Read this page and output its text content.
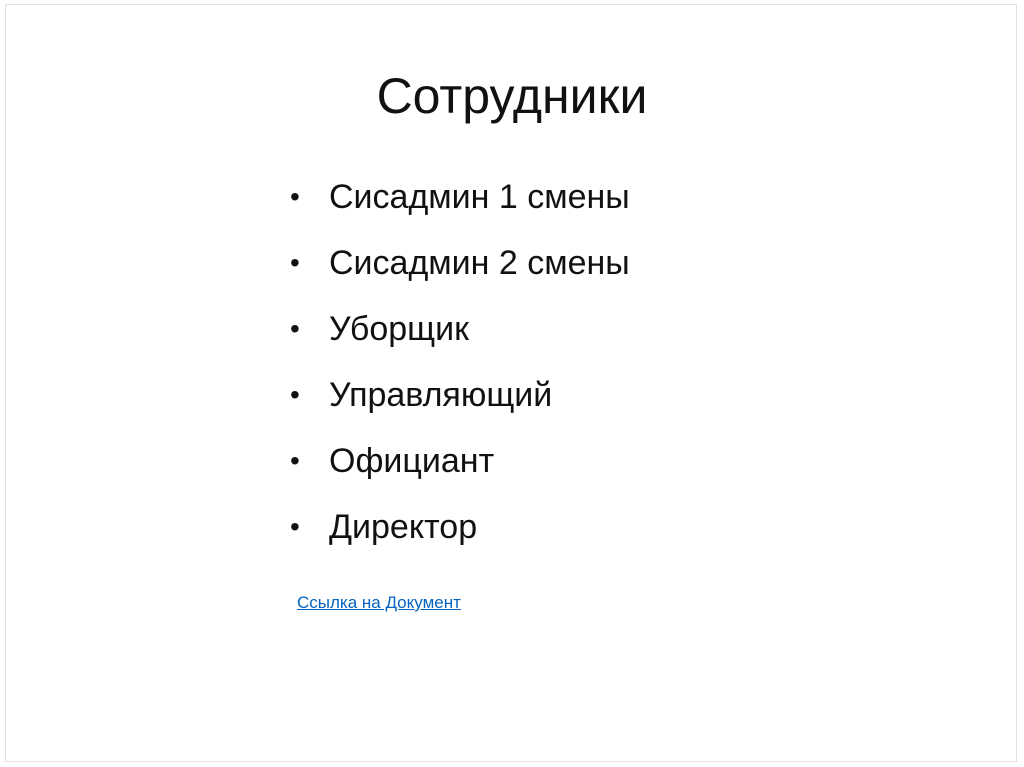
Сотрудники
• Сисадмин 1 смены
• Сисадмин 2 смены
• Уборщик
• Управляющий
• Официант
• Директор
Ссылка на Документ
